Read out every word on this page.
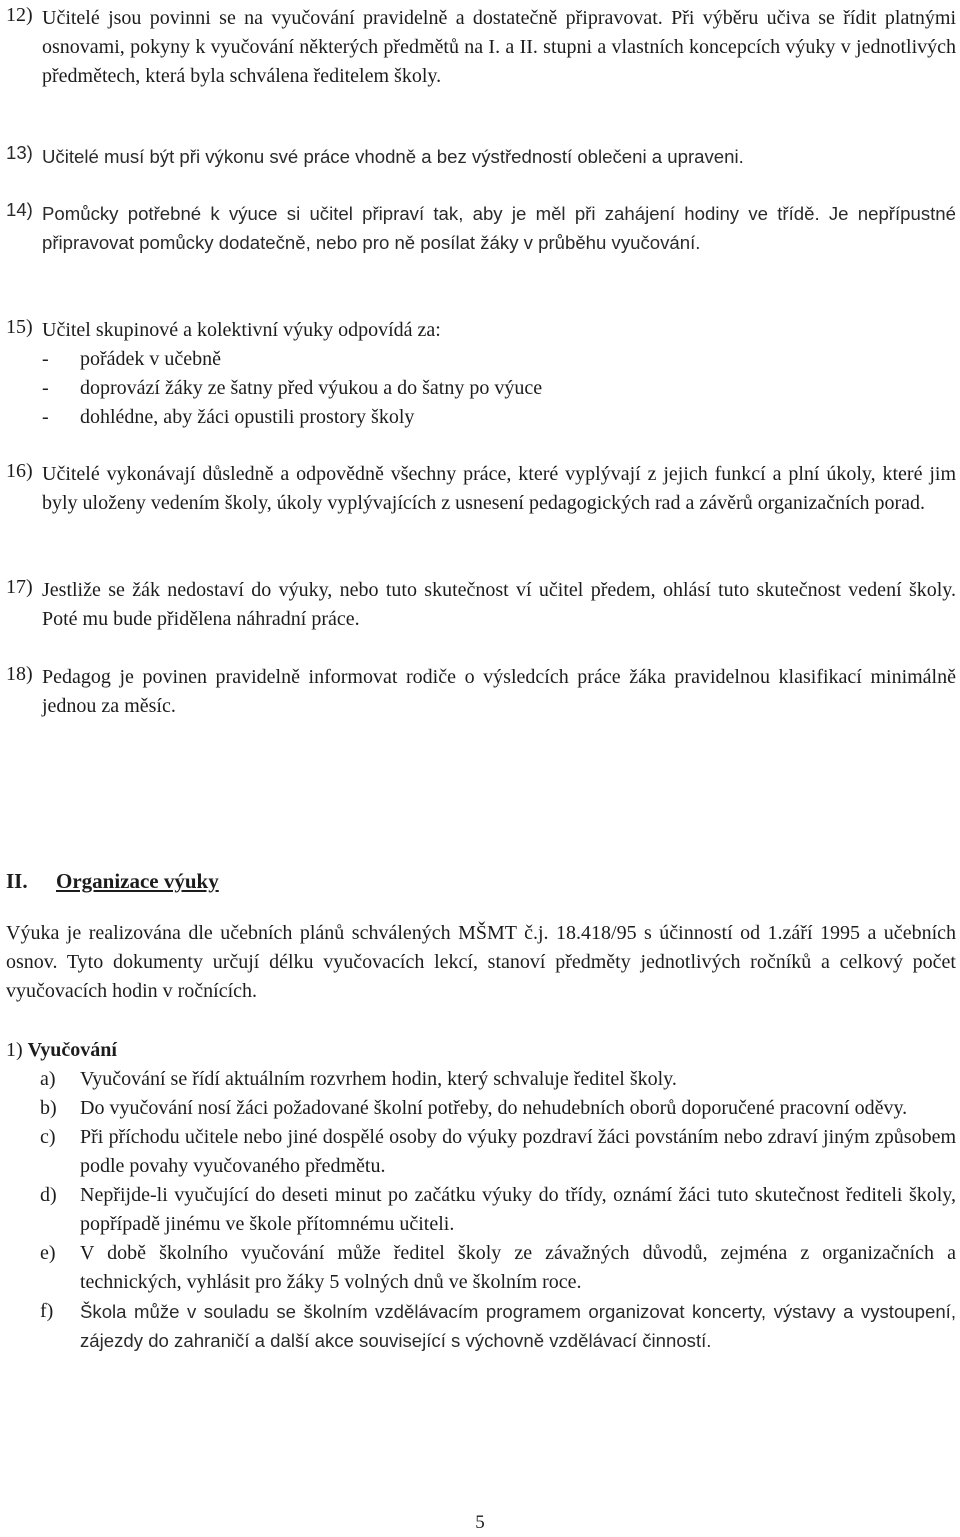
12) Učitelé jsou povinni se na vyučování pravidelně a dostatečně připravovat. Při výběru učiva se řídit platnými osnovami, pokyny k vyučování některých předmětů na I. a II. stupni a vlastních koncepcích výuky v jednotlivých předmětech, která byla schválena ředitelem školy.
13) Učitelé musí být při výkonu své práce vhodně a bez výstředností oblečeni a upraveni.
14) Pomůcky potřebné k výuce si učitel připraví tak, aby je měl při zahájení hodiny ve třídě. Je nepřípustné připravovat pomůcky dodatečně, nebo pro ně posílat žáky v průběhu vyučování.
15) Učitel skupinové a kolektivní výuky odpovídá za:
-	pořádek v učebně
-	doprovází žáky ze šatny před výukou a do šatny po výuce
-	dohlédne, aby žáci opustili prostory školy
16) Učitelé vykonávají důsledně a odpovědně všechny práce, které vyplývají z jejich funkcí a plní úkoly, které jim byly uloženy vedením školy, úkoly vyplývajících z usnesení pedagogických rad a závěrů organizačních porad.
17) Jestliže se žák nedostaví do výuky, nebo tuto skutečnost ví učitel předem, ohlásí tuto skutečnost vedení školy. Poté mu bude přidělena náhradní práce.
18) Pedagog je povinen pravidelně informovat rodiče o výsledcích práce žáka pravidelnou klasifikací minimálně jednou za měsíc.
II. Organizace výuky
Výuka je realizována dle učebních plánů schválených MŠMT č.j. 18.418/95 s účinností od 1.září 1995 a učebních osnov. Tyto dokumenty určují délku vyučovacích lekcí, stanoví předměty jednotlivých ročníků a celkový počet vyučovacích hodin v ročnících.
1) Vyučování
a) Vyučování se řídí aktuálním rozvrhem hodin, který schvaluje ředitel školy.
b) Do vyučování nosí žáci požadované školní potřeby, do nehudebních oborů doporučené pracovní oděvy.
c) Při příchodu učitele nebo jiné dospělé osoby do výuky pozdraví žáci povstáním nebo zdraví jiným způsobem podle povahy vyučovaného předmětu.
d) Nepřijde-li vyučující do deseti minut po začátku výuky do třídy, oznámí žáci tuto skutečnost řediteli školy, popřípadě jinému ve škole přítomnému učiteli.
e) V době školního vyučování může ředitel školy ze závažných důvodů, zejména z organizačních a technických, vyhlásit pro žáky 5 volných dnů ve školním roce.
f) Škola může v souladu se školním vzdělávacím programem organizovat koncerty, výstavy a vystoupení, zájezdy do zahraničí a další akce související s výchovně vzdělávací činností.
5
